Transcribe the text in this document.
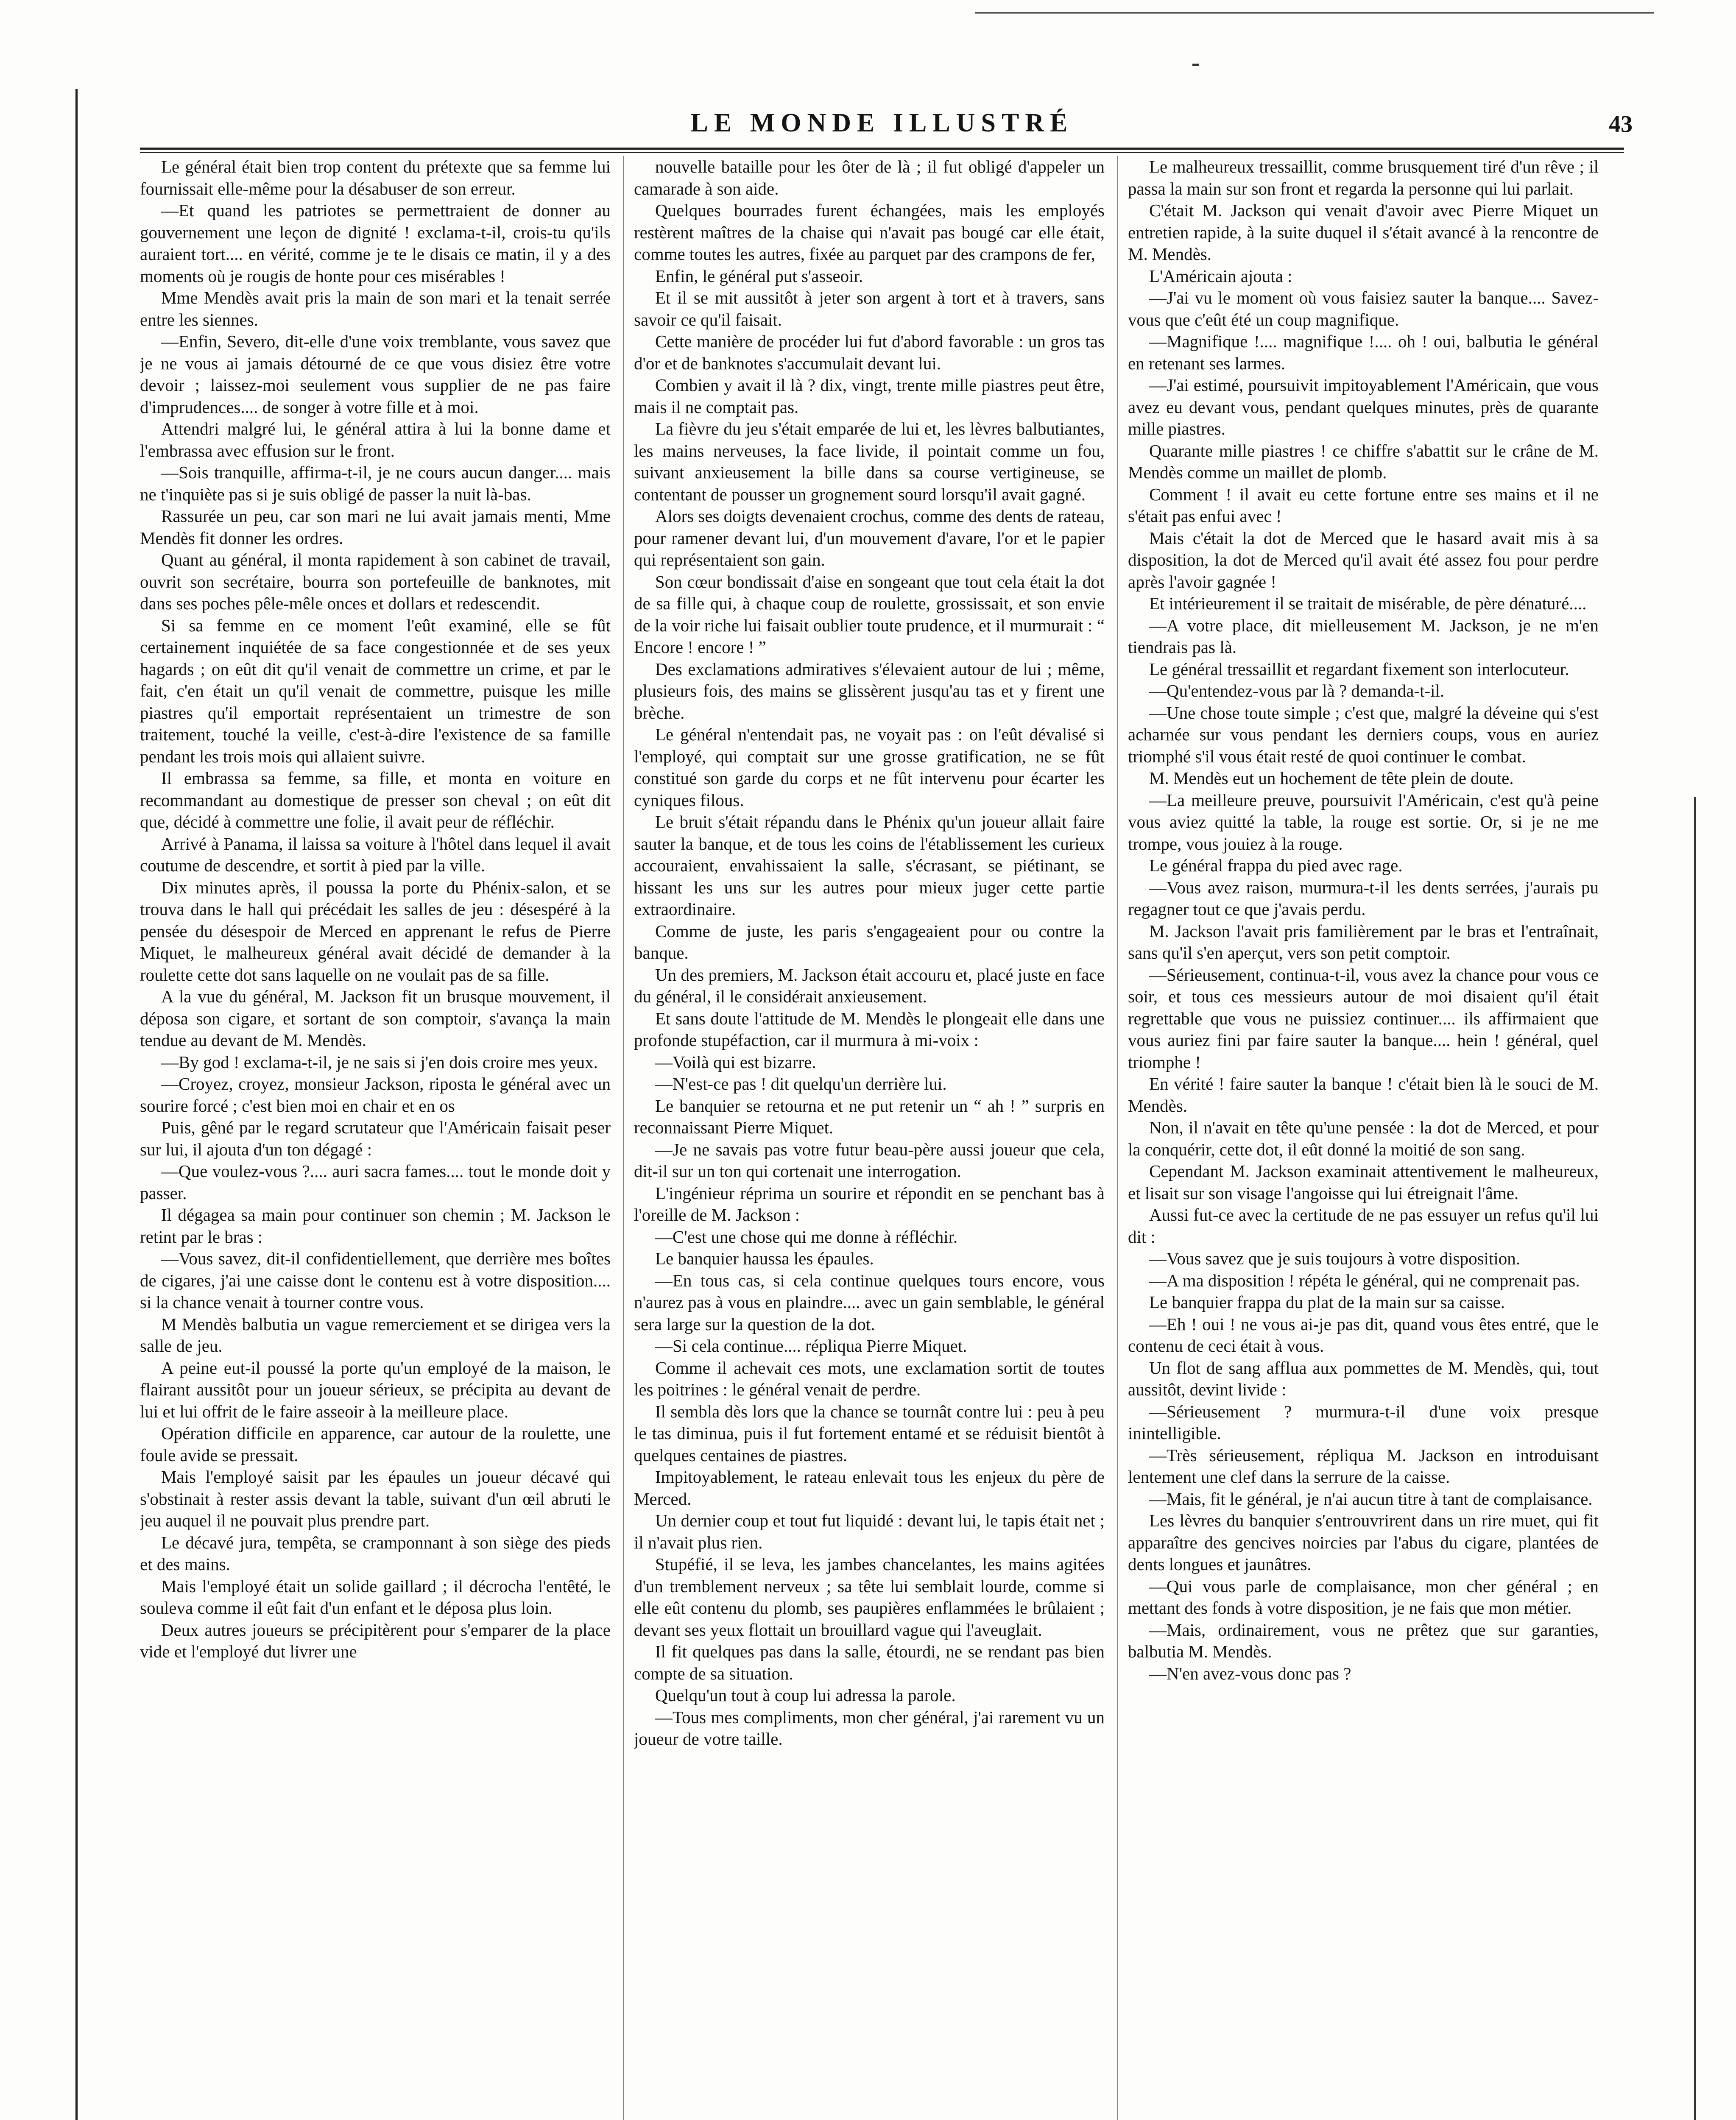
LE MONDE ILLUSTRÉ	43

Le général était bien trop content du prétexte que sa femme lui fournissait elle-même pour la désabuser de son erreur.

—Et quand les patriotes se permettraient de donner au gouvernement une leçon de dignité ! exclama-t-il, crois-tu qu'ils auraient tort.... en vérité, comme je te le disais ce matin, il y a des moments où je rougis de honte pour ces misérables !

Mme Mendès avait pris la main de son mari et la tenait serrée entre les siennes.

—Enfin, Severo, dit-elle d'une voix tremblante, vous savez que je ne vous ai jamais détourné de ce que vous disiez être votre devoir ; laissez-moi seulement vous supplier de ne pas faire d'imprudences.... de songer à votre fille et à moi.

Attendri malgré lui, le général attira à lui la bonne dame et l'embrassa avec effusion sur le front.

—Sois tranquille, affirma-t-il, je ne cours aucun danger.... mais ne t'inquiète pas si je suis obligé de passer la nuit là-bas.

Rassurée un peu, car son mari ne lui avait jamais menti, Mme Mendès fit donner les ordres.

Quant au général, il monta rapidement à son cabinet de travail, ouvrit son secrétaire, bourra son portefeuille de banknotes, mit dans ses poches pêle-mêle onces et dollars et redescendit.

Si sa femme en ce moment l'eût examiné, elle se fût certainement inquiétée de sa face congestionnée et de ses yeux hagards ; on eût dit qu'il venait de commettre un crime, et par le fait, c'en était un qu'il venait de commettre, puisque les mille piastres qu'il emportait représentaient un trimestre de son traitement, touché la veille, c'est-à-dire l'existence de sa famille pendant les trois mois qui allaient suivre.

Il embrassa sa femme, sa fille, et monta en voiture en recommandant au domestique de presser son cheval ; on eût dit que, décidé à commettre une folie, il avait peur de réfléchir.

Arrivé à Panama, il laissa sa voiture à l'hôtel dans lequel il avait coutume de descendre, et sortit à pied par la ville.

Dix minutes après, il poussa la porte du Phénix-salon, et se trouva dans le hall qui précédait les salles de jeu : désespéré à la pensée du désespoir de Merced en apprenant le refus de Pierre Miquet, le malheureux général avait décidé de demander à la roulette cette dot sans laquelle on ne voulait pas de sa fille.

A la vue du général, M. Jackson fit un brusque mouvement, il déposa son cigare, et sortant de son comptoir, s'avança la main tendue au devant de M. Mendès.

—By god ! exclama-t-il, je ne sais si j'en dois croire mes yeux.

—Croyez, croyez, monsieur Jackson, riposta le général avec un sourire forcé ; c'est bien moi en chair et en os

Puis, gêné par le regard scrutateur que l'Américain faisait peser sur lui, il ajouta d'un ton dégagé :

—Que voulez-vous ?.... auri sacra fames.... tout le monde doit y passer.

Il dégagea sa main pour continuer son chemin ; M. Jackson le retint par le bras :

—Vous savez, dit-il confidentiellement, que derrière mes boîtes de cigares, j'ai une caisse dont le contenu est à votre disposition.... si la chance venait à tourner contre vous.

M Mendès balbutia un vague remerciement et se dirigea vers la salle de jeu.

A peine eut-il poussé la porte qu'un employé de la maison, le flairant aussitôt pour un joueur sérieux, se précipita au devant de lui et lui offrit de le faire asseoir à la meilleure place.

Opération difficile en apparence, car autour de la roulette, une foule avide se pressait.

Mais l'employé saisit par les épaules un joueur décavé qui s'obstinait à rester assis devant la table, suivant d'un œil abruti le jeu auquel il ne pouvait plus prendre part.

Le décavé jura, tempêta, se cramponnant à son siège des pieds et des mains.

Mais l'employé était un solide gaillard ; il décrocha l'entêté, le souleva comme il eût fait d'un enfant et le déposa plus loin.

Deux autres joueurs se précipitèrent pour s'emparer de la place vide et l'employé dut livrer une

nouvelle bataille pour les ôter de là ; il fut obligé d'appeler un camarade à son aide.

Quelques bourrades furent échangées, mais les employés restèrent maîtres de la chaise qui n'avait pas bougé car elle était, comme toutes les autres, fixée au parquet par des crampons de fer,

Enfin, le général put s'asseoir.

Et il se mit aussitôt à jeter son argent à tort et à travers, sans savoir ce qu'il faisait.

Cette manière de procéder lui fut d'abord favorable : un gros tas d'or et de banknotes s'accumulait devant lui.

Combien y avait il là ? dix, vingt, trente mille piastres peut être, mais il ne comptait pas.

La fièvre du jeu s'était emparée de lui et, les lèvres balbutiantes, les mains nerveuses, la face livide, il pointait comme un fou, suivant anxieusement la bille dans sa course vertigineuse, se contentant de pousser un grognement sourd lorsqu'il avait gagné.

Alors ses doigts devenaient crochus, comme des dents de rateau, pour ramener devant lui, d'un mouvement d'avare, l'or et le papier qui représentaient son gain.

Son cœur bondissait d'aise en songeant que tout cela était la dot de sa fille qui, à chaque coup de roulette, grossissait, et son envie de la voir riche lui faisait oublier toute prudence, et il murmurait : “ Encore ! encore ! ”

Des exclamations admiratives s'élevaient autour de lui ; même, plusieurs fois, des mains se glissèrent jusqu'au tas et y firent une brèche.

Le général n'entendait pas, ne voyait pas : on l'eût dévalisé si l'employé, qui comptait sur une grosse gratification, ne se fût constitué son garde du corps et ne fût intervenu pour écarter les cyniques filous.

Le bruit s'était répandu dans le Phénix qu'un joueur allait faire sauter la banque, et de tous les coins de l'établissement les curieux accouraient, envahissaient la salle, s'écrasant, se piétinant, se hissant les uns sur les autres pour mieux juger cette partie extraordinaire.

Comme de juste, les paris s'engageaient pour ou contre la banque.

Un des premiers, M. Jackson était accouru et, placé juste en face du général, il le considérait anxieusement.

Et sans doute l'attitude de M. Mendès le plongeait elle dans une profonde stupéfaction, car il murmura à mi-voix :

—Voilà qui est bizarre.

—N'est-ce pas ! dit quelqu'un derrière lui.

Le banquier se retourna et ne put retenir un “ ah ! ” surpris en reconnaissant Pierre Miquet.

—Je ne savais pas votre futur beau-père aussi joueur que cela, dit-il sur un ton qui cortenait une interrogation.

L'ingénieur réprima un sourire et répondit en se penchant bas à l'oreille de M. Jackson :

—C'est une chose qui me donne à réfléchir.

Le banquier haussa les épaules.

—En tous cas, si cela continue quelques tours encore, vous n'aurez pas à vous en plaindre.... avec un gain semblable, le général sera large sur la question de la dot.

—Si cela continue.... répliqua Pierre Miquet.

Comme il achevait ces mots, une exclamation sortit de toutes les poitrines : le général venait de perdre.

Il sembla dès lors que la chance se tournât contre lui : peu à peu le tas diminua, puis il fut fortement entamé et se réduisit bientôt à quelques centaines de piastres.

Impitoyablement, le rateau enlevait tous les enjeux du père de Merced.

Un dernier coup et tout fut liquidé : devant lui, le tapis était net ; il n'avait plus rien.

Stupéfié, il se leva, les jambes chancelantes, les mains agitées d'un tremblement nerveux ; sa tête lui semblait lourde, comme si elle eût contenu du plomb, ses paupières enflammées le brûlaient ; devant ses yeux flottait un brouillard vague qui l'aveuglait.

Il fit quelques pas dans la salle, étourdi, ne se rendant pas bien compte de sa situation.

Quelqu'un tout à coup lui adressa la parole.

—Tous mes compliments, mon cher général, j'ai rarement vu un joueur de votre taille.

Le malheureux tressaillit, comme brusquement tiré d'un rêve ; il passa la main sur son front et regarda la personne qui lui parlait.

C'était M. Jackson qui venait d'avoir avec Pierre Miquet un entretien rapide, à la suite duquel il s'était avancé à la rencontre de M. Mendès.

L'Américain ajouta :

—J'ai vu le moment où vous faisiez sauter la banque.... Savez-vous que c'eût été un coup magnifique.

—Magnifique !.... magnifique !.... oh ! oui, balbutia le général en retenant ses larmes.

—J'ai estimé, poursuivit impitoyablement l'Américain, que vous avez eu devant vous, pendant quelques minutes, près de quarante mille piastres.

Quarante mille piastres ! ce chiffre s'abattit sur le crâne de M. Mendès comme un maillet de plomb.

Comment ! il avait eu cette fortune entre ses mains et il ne s'était pas enfui avec !

Mais c'était la dot de Merced que le hasard avait mis à sa disposition, la dot de Merced qu'il avait été assez fou pour perdre après l'avoir gagnée !

Et intérieurement il se traitait de misérable, de père dénaturé....

—A votre place, dit mielleusement M. Jackson, je ne m'en tiendrais pas là.

Le général tressaillit et regardant fixement son interlocuteur.

—Qu'entendez-vous par là ? demanda-t-il.

—Une chose toute simple ; c'est que, malgré la déveine qui s'est acharnée sur vous pendant les derniers coups, vous en auriez triomphé s'il vous était resté de quoi continuer le combat.

M. Mendès eut un hochement de tête plein de doute.

—La meilleure preuve, poursuivit l'Américain, c'est qu'à peine vous aviez quitté la table, la rouge est sortie. Or, si je ne me trompe, vous jouiez à la rouge.

Le général frappa du pied avec rage.

—Vous avez raison, murmura-t-il les dents serrées, j'aurais pu regagner tout ce que j'avais perdu.

M. Jackson l'avait pris familièrement par le bras et l'entraînait, sans qu'il s'en aperçut, vers son petit comptoir.

—Sérieusement, continua-t-il, vous avez la chance pour vous ce soir, et tous ces messieurs autour de moi disaient qu'il était regrettable que vous ne puissiez continuer.... ils affirmaient que vous auriez fini par faire sauter la banque.... hein ! général, quel triomphe !

En vérité ! faire sauter la banque ! c'était bien là le souci de M. Mendès.

Non, il n'avait en tête qu'une pensée : la dot de Merced, et pour la conquérir, cette dot, il eût donné la moitié de son sang.

Cependant M. Jackson examinait attentivement le malheureux, et lisait sur son visage l'angoisse qui lui étreignait l'âme.

Aussi fut-ce avec la certitude de ne pas essuyer un refus qu'il lui dit :

—Vous savez que je suis toujours à votre disposition.

—A ma disposition ! répéta le général, qui ne comprenait pas.

Le banquier frappa du plat de la main sur sa caisse.

—Eh ! oui ! ne vous ai-je pas dit, quand vous êtes entré, que le contenu de ceci était à vous.

Un flot de sang afflua aux pommettes de M. Mendès, qui, tout aussitôt, devint livide :

—Sérieusement ? murmura-t-il d'une voix presque inintelligible.

—Très sérieusement, répliqua M. Jackson en introduisant lentement une clef dans la serrure de la caisse.

—Mais, fit le général, je n'ai aucun titre à tant de complaisance.

Les lèvres du banquier s'entrouvrirent dans un rire muet, qui fit apparaître des gencives noircies par l'abus du cigare, plantées de dents longues et jaunâtres.

—Qui vous parle de complaisance, mon cher général ; en mettant des fonds à votre disposition, je ne fais que mon métier.

—Mais, ordinairement, vous ne prêtez que sur garanties, balbutia M. Mendès.

—N'en avez-vous donc pas ?
